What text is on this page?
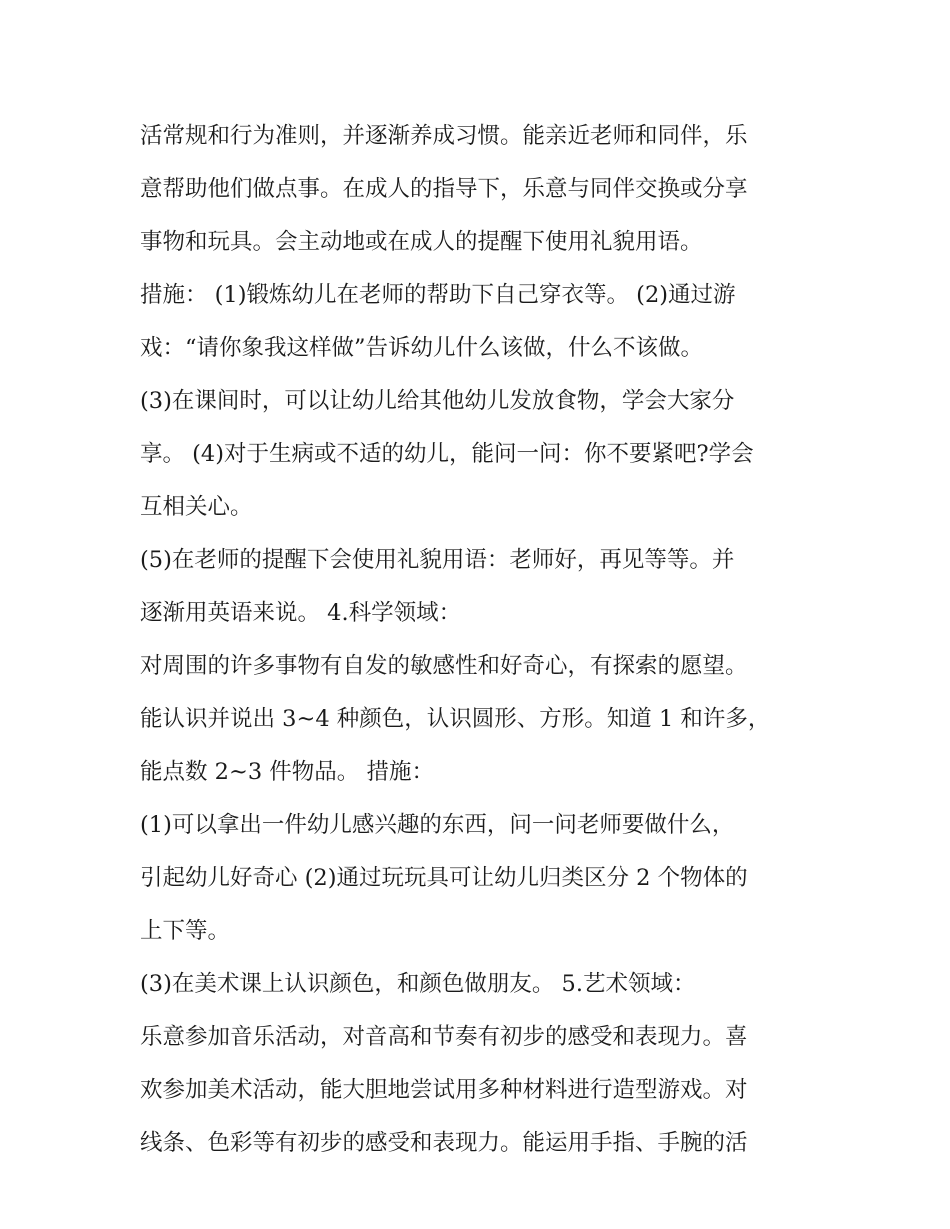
活常规和行为准则，并逐渐养成习惯。能亲近老师和同伴，乐
意帮助他们做点事。在成人的指导下，乐意与同伴交换或分享
事物和玩具。会主动地或在成人的提醒下使用礼貌用语。
措施： (1)锻炼幼儿在老师的帮助下自己穿衣等。 (2)通过游
戏：“请你象我这样做”告诉幼儿什么该做，什么不该做。
(3)在课间时，可以让幼儿给其他幼儿发放食物，学会大家分
享。 (4)对于生病或不适的幼儿，能问一问：你不要紧吧?学会
互相关心。
(5)在老师的提醒下会使用礼貌用语：老师好，再见等等。并
逐渐用英语来说。 4.科学领域：
对周围的许多事物有自发的敏感性和好奇心，有探索的愿望。
能认识并说出 3~4 种颜色，认识圆形、方形。知道 1 和许多，
能点数 2~3 件物品。 措施：
(1)可以拿出一件幼儿感兴趣的东西，问一问老师要做什么，
引起幼儿好奇心 (2)通过玩玩具可让幼儿归类区分 2 个物体的
上下等。
(3)在美术课上认识颜色，和颜色做朋友。 5.艺术领域：
乐意参加音乐活动，对音高和节奏有初步的感受和表现力。喜
欢参加美术活动，能大胆地尝试用多种材料进行造型游戏。对
线条、色彩等有初步的感受和表现力。能运用手指、手腕的活
